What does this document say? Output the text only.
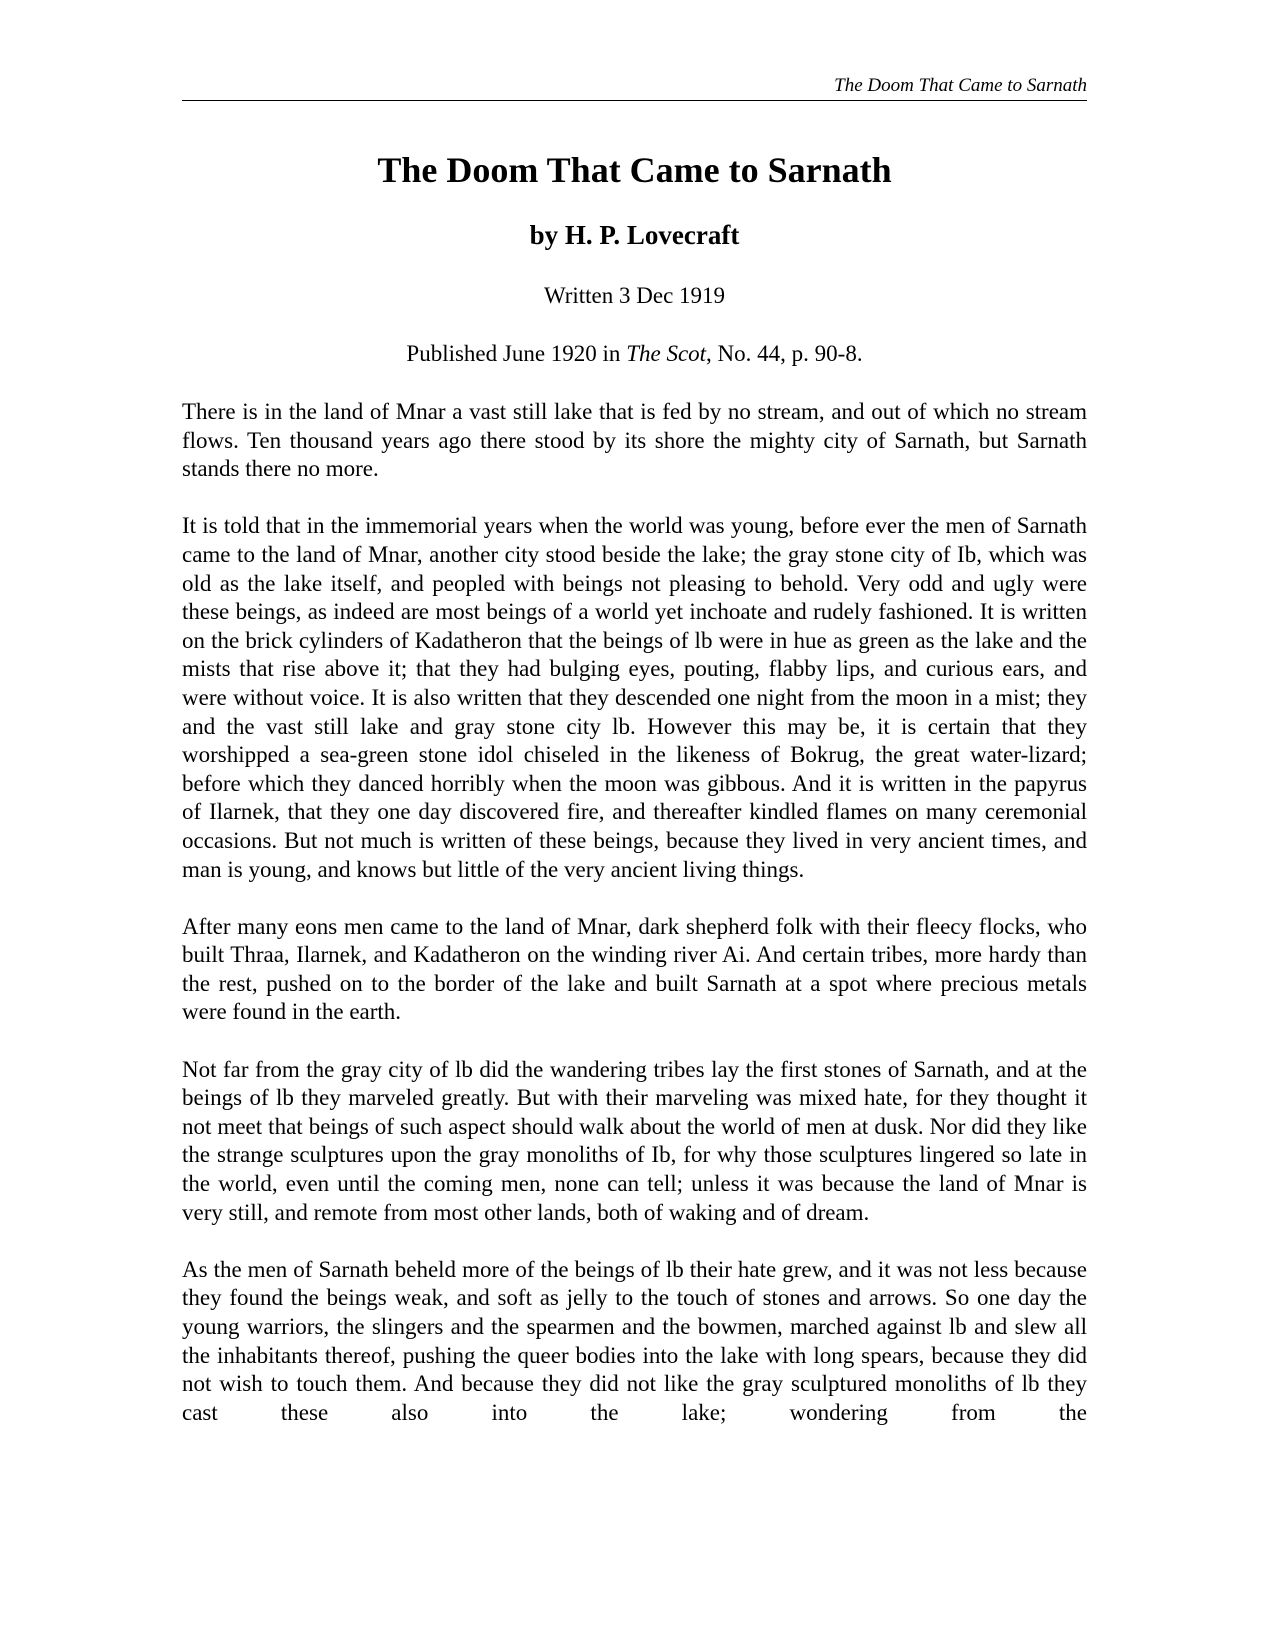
The Doom That Came to Sarnath
The Doom That Came to Sarnath
by H. P. Lovecraft

Written 3 Dec 1919

Published June 1920 in The Scot, No. 44, p. 90-8.

There is in the land of Mnar a vast still lake that is fed by no stream, and out of which no stream flows. Ten thousand years ago there stood by its shore the mighty city of Sarnath, but Sarnath stands there no more.

It is told that in the immemorial years when the world was young, before ever the men of Sarnath came to the land of Mnar, another city stood beside the lake; the gray stone city of Ib, which was old as the lake itself, and peopled with beings not pleasing to behold. Very odd and ugly were these beings, as indeed are most beings of a world yet inchoate and rudely fashioned. It is written on the brick cylinders of Kadatheron that the beings of lb were in hue as green as the lake and the mists that rise above it; that they had bulging eyes, pouting, flabby lips, and curious ears, and were without voice. It is also written that they descended one night from the moon in a mist; they and the vast still lake and gray stone city lb. However this may be, it is certain that they worshipped a sea-green stone idol chiseled in the likeness of Bokrug, the great water-lizard; before which they danced horribly when the moon was gibbous. And it is written in the papyrus of Ilarnek, that they one day discovered fire, and thereafter kindled flames on many ceremonial occasions. But not much is written of these beings, because they lived in very ancient times, and man is young, and knows but little of the very ancient living things.

After many eons men came to the land of Mnar, dark shepherd folk with their fleecy flocks, who built Thraa, Ilarnek, and Kadatheron on the winding river Ai. And certain tribes, more hardy than the rest, pushed on to the border of the lake and built Sarnath at a spot where precious metals were found in the earth.

Not far from the gray city of lb did the wandering tribes lay the first stones of Sarnath, and at the beings of lb they marveled greatly. But with their marveling was mixed hate, for they thought it not meet that beings of such aspect should walk about the world of men at dusk. Nor did they like the strange sculptures upon the gray monoliths of Ib, for why those sculptures lingered so late in the world, even until the coming men, none can tell; unless it was because the land of Mnar is very still, and remote from most other lands, both of waking and of dream.

As the men of Sarnath beheld more of the beings of lb their hate grew, and it was not less because they found the beings weak, and soft as jelly to the touch of stones and arrows. So one day the young warriors, the slingers and the spearmen and the bowmen, marched against lb and slew all the inhabitants thereof, pushing the queer bodies into the lake with long spears, because they did not wish to touch them. And because they did not like the gray sculptured monoliths of lb they cast these also into the lake; wondering from the
